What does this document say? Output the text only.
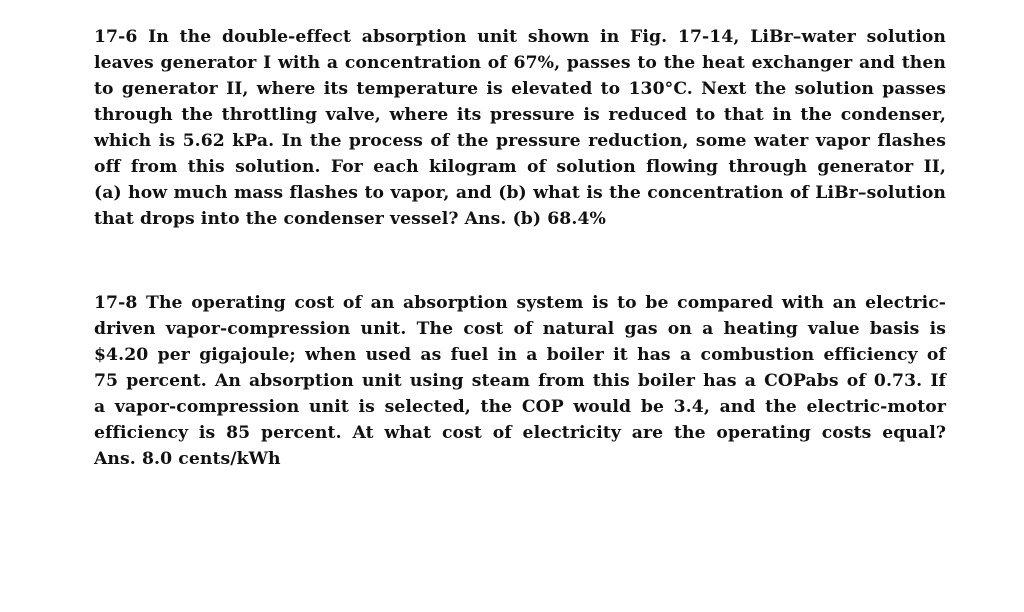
17-6 In the double-effect absorption unit shown in Fig. 17-14, LiBr–water solution
leaves generator I with a concentration of 67%, passes to the heat exchanger and then
to generator II, where its temperature is elevated to 130°C. Next the solution passes
through the throttling valve, where its pressure is reduced to that in the condenser,
which is 5.62 kPa. In the process of the pressure reduction, some water vapor flashes
off from this solution. For each kilogram of solution flowing through generator II,
(a) how much mass flashes to vapor, and (b) what is the concentration of LiBr–solution
that drops into the condenser vessel? Ans. (b) 68.4%
17-8 The operating cost of an absorption system is to be compared with an electric-
driven vapor-compression unit. The cost of natural gas on a heating value basis is
$4.20 per gigajoule; when used as fuel in a boiler it has a combustion efficiency of
75 percent. An absorption unit using steam from this boiler has a COPabs of 0.73. If
a vapor-compression unit is selected, the COP would be 3.4, and the electric-motor
efficiency is 85 percent. At what cost of electricity are the operating costs equal?
Ans. 8.0 cents/kWh
